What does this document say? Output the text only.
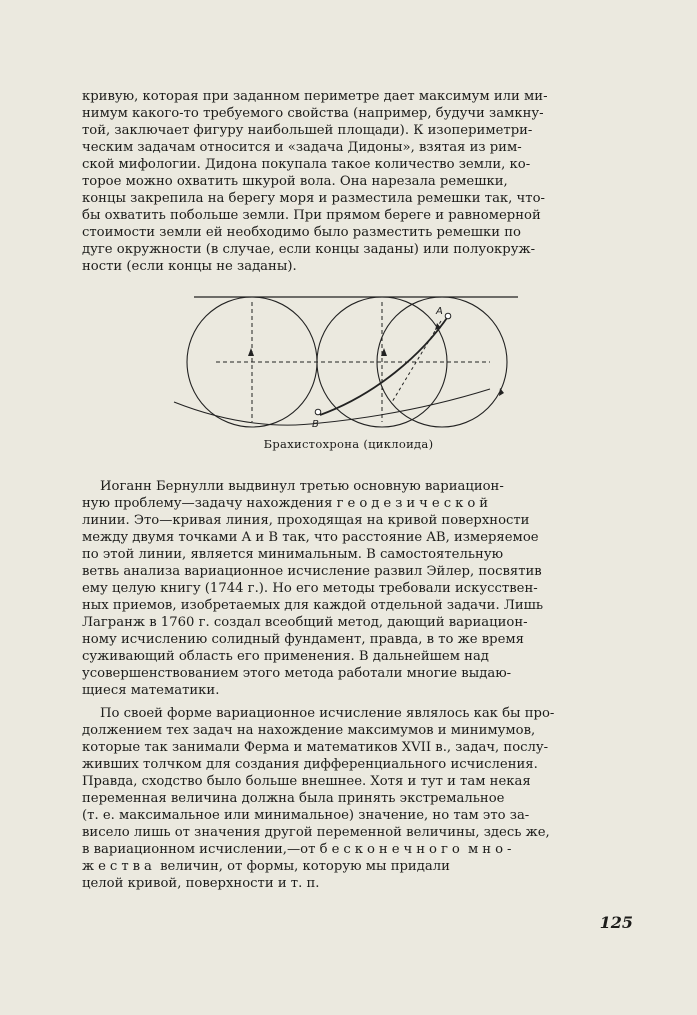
кривую, которая при заданном периметре дает максимум или ми-
нимум какого-то требуемого свойства (например, будучи замкну-
той, заключает фигуру наибольшей площади). К изопериметри-
ческим задачам относится и «задача Дидоны», взятая из рим-
ской мифологии. Дидона покупала такое количество земли, ко-
торое можно охватить шкурой вола. Она нарезала ремешки,
концы закрепила на берегу моря и разместила ремешки так, что-
бы охватить побольше земли. При прямом береге и равномерной
стоимости земли ей необходимо было разместить ремешки по
дуге окружности (в случае, если концы заданы) или полуокруж-
ности (если концы не заданы).
A
B
Брахистохрона (циклоида)
Иоганн Бернулли выдвинул третью основную вариацион-
ную проблему—задачу нахождения геодезической
линии. Это—кривая линия, проходящая на кривой поверхности
между двумя точками A и B так, что расстояние AB, измеряемое
по этой линии, является минимальным. В самостоятельную
ветвь анализа вариационное исчисление развил Эйлер, посвятив
ему целую книгу (1744 г.). Но его методы требовали искусствен-
ных приемов, изобретаемых для каждой отдельной задачи. Лишь
Лагранж в 1760 г. создал всеобщий метод, дающий вариацион-
ному исчислению солидный фундамент, правда, в то же время
суживающий область его применения. В дальнейшем над
усовершенствованием этого метода работали многие выдаю-
щиеся математики.
По своей форме вариационное исчисление являлось как бы про-
должением тех задач на нахождение максимумов и минимумов,
которые так занимали Ферма и математиков XVII в., задач, послу-
живших толчком для создания дифференциального исчисления.
Правда, сходство было больше внешнее. Хотя и тут и там некая
переменная величина должна была принять экстремальное
(т. е. максимальное или минимальное) значение, но там это за-
висело лишь от значения другой переменной величины, здесь же,
в вариационном исчислении,—от бесконечного мно-
жества величин, от формы, которую мы придали
целой кривой, поверхности и т. п.
125
